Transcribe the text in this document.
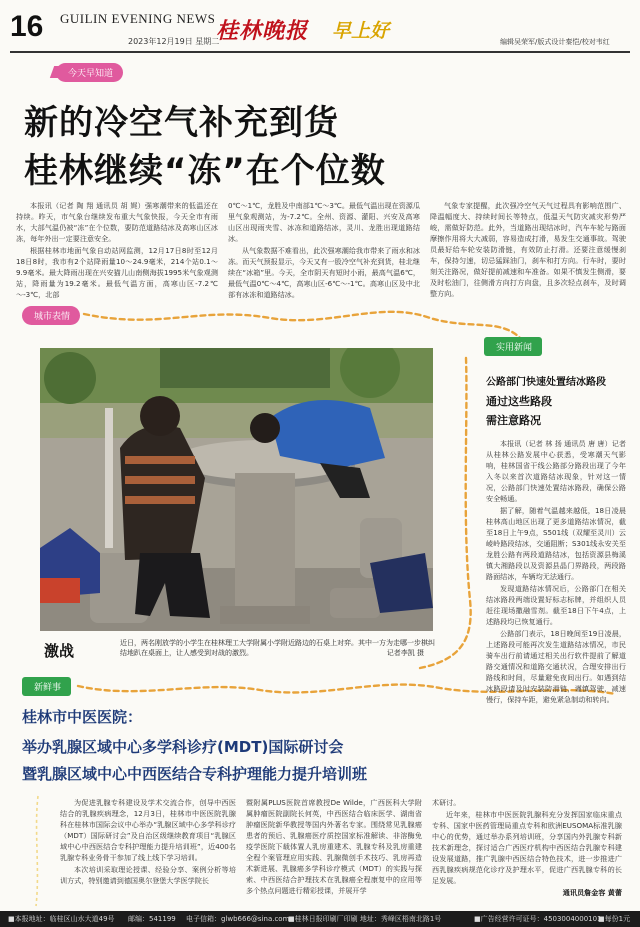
16 GUILIN EVENING NEWS
2023年12月19日 星期二
桂林晚报 早上好	编辑吴荣军/版式设计秦恺/校对韦红
今天早知道
新的冷空气补充到货
桂林继续“冻”在个位数

本报讯（记者 陶 翔 通讯员 胡 娓）强寒潮带来的低温还在持续。昨天，市气象台继续发布重大气象快报，今天全市有雨水，大部气温仍被“冻”在个位数，要防范道路结冰及高寒山区冰冻，每年外出一定要注意安全。

根据桂林市地面气象自动站网监测，12月17日8时至12月18日8时，我市有2个站降雨量10～24.9毫米，214个站0.1～9.9毫米。最大降雨出现在兴安猫儿山南侧海拔1995米气象观测站，降雨量为19.2毫米。最低气温方面，高寒山区-7.2℃～-3℃，北部

0℃～1℃，龙胜及中南部1℃～3℃。最低气温出现在资源瓜里气象观测站，为-7.2℃。全州、资源、灌阳、兴安及高寒山区出现雨夹雪、冰冻和道路结冰，灵川、龙胜出现道路结冰。

从气象数据不难看出，此次强寒潮给我市带来了雨水和冰冻。而天气预报显示，今天又有一股冷空气补充到货，桂北继续在“冰箱”里。今天，全市阴天有短时小雨，最高气温6℃，最低气温0℃～4℃，高寒山区-6℃～-1℃。高寒山区及中北部有冰冻和道路结冰。

气象专家提醒，此次强冷空气天气过程具有影响范围广、降温幅度大、持续时间长等特点，低温天气防灾减灾形势严峻，需做好防范。此外，当道路出现结冰时，汽车车轮与路面摩擦作用将大大减弱，容易造成打滑，易发生交通事故。驾驶员最好给车轮安装防滑链，有效防止打滑。还要注意缓慢刹车，保持匀速，切忌猛踩油门，刹车和打方向。行车时，要时刻关注路况，做好提前减速和车准备。如果不慎发生侧滑，要及时松油门，往侧滑方向打方向盘，且多次轻点刹车，及时调整方向。

城市表情
实用新闻
激战	近日，两名刚放学的小学生在桂林理工大学附属小学附近路边的石桌上对弈。其中一方为走哪一步棋纠结地趴在桌面上，让人感受到对战的激烈。	记者李凯 摄
公路部门快速处置结冰路段
通过这些路段
需注意路况

本报讯（记者 林 扬 通讯员 唐 唐）记者从桂林公路发展中心获悉，受寒潮天气影响，桂林国省干线公路部分路段出现了今年入冬以来首次道路结冰现象，针对这一情况，公路部门快速处置结冰路段，确保公路安全畅通。

据了解，随着气温越来越低，18日凌晨桂林高山地区出现了更多道路结冰情况，截至18日上午9点，S501线（双耀至灵川）云崚岭路段结冰，交通阻断；S301线永安关至龙胜公路有两段道路结冰，包括资源县梅溪镇大湘路段以及资源县晶门界路段，两段路路面结冰，车辆均无法通行。

发现道路结冰情况后，公路部门在相关结冰路段两端设置好标志标牌，并组织人员赶往现场撒融雪剂。截至18日下午4点，上述路段均已恢复通行。

公路部门表示，18日晚间至19日凌晨，上述路段可能再次发生道路结冰情况，市民骑车出行前请通过相关出行软件提前了解道路交通情况和道路交通状况，合理安排出行路线和时间，尽量避免夜间出行。如遇到结冰路段请及时安装防滑链，谨慎驾驶，减速慢行，保持车距，避免紧急制动和转向。

新鲜事
桂林市中医医院：
举办乳腺区域中心多学科诊疗(MDT)国际研讨会
暨乳腺区域中心中西医结合专科护理能力提升培训班

为促进乳腺专科建设及学术交流合作，创导中西医结合的乳腺疾病理念，12月3日，桂林市中医医院乳腺科在桂林市国际会议中心举办“乳腺区域中心多学科诊疗（MDT）国际研讨会”及自治区级继续教育项目“乳腺区域中心中西医结合专科护理能力提升培训班”，近400名乳腺专科业务骨干参加了线上线下学习培训。

本次培训采取理论授课、经验分享、案例分析等培训方式，特别邀请到德国奥尔登堡大学医学院长

暨附属PLUS医院首席教授De Wilde，广西医科大学附属肿瘤医院副院长何英，中西医结合临床医学、湖南省肿瘤医院新华教授等国内外著名专家。围绕常见乳腺癌患者的预后、乳腺癌医疗质控国家标准解读、非溶酶免疫学医院下载体置人乳房重建术、乳腺专科及乳房重建全程个案管理应用实践、乳腺微创手术技巧、乳房再造术新进展、乳腺癌多学科诊疗模式（MDT）的实践与探索、中西医结合护理技术在乳腺癌全程康复中的应用等多个热点问题进行精彩授课，并展开学

术研讨。

近年来，桂林市中医医院乳腺科充分发挥国家临床重点专科、国家中医药管理局重点专科和欧洲EUSOMA标准乳腺中心的优势，通过举办系列培训班，分享国内外乳腺专科新技术新理念，探讨适合广西医疗机构中西医结合乳腺专科建设发展道路，推广乳腺中西医结合特色技术，进一步推进广西乳腺疾病规范化诊疗及护理水平，促进广西乳腺专科的长足发展。

通讯员詹金容 黄蕾

■本报地址：临桂区山水大道49号 邮编：541199 电子信箱：glwb666@sina.com
■桂林日报印刷厂印刷 地址：秀峰区梧南北路1号	■广告经营许可证号：4503004000101
■每份1元
